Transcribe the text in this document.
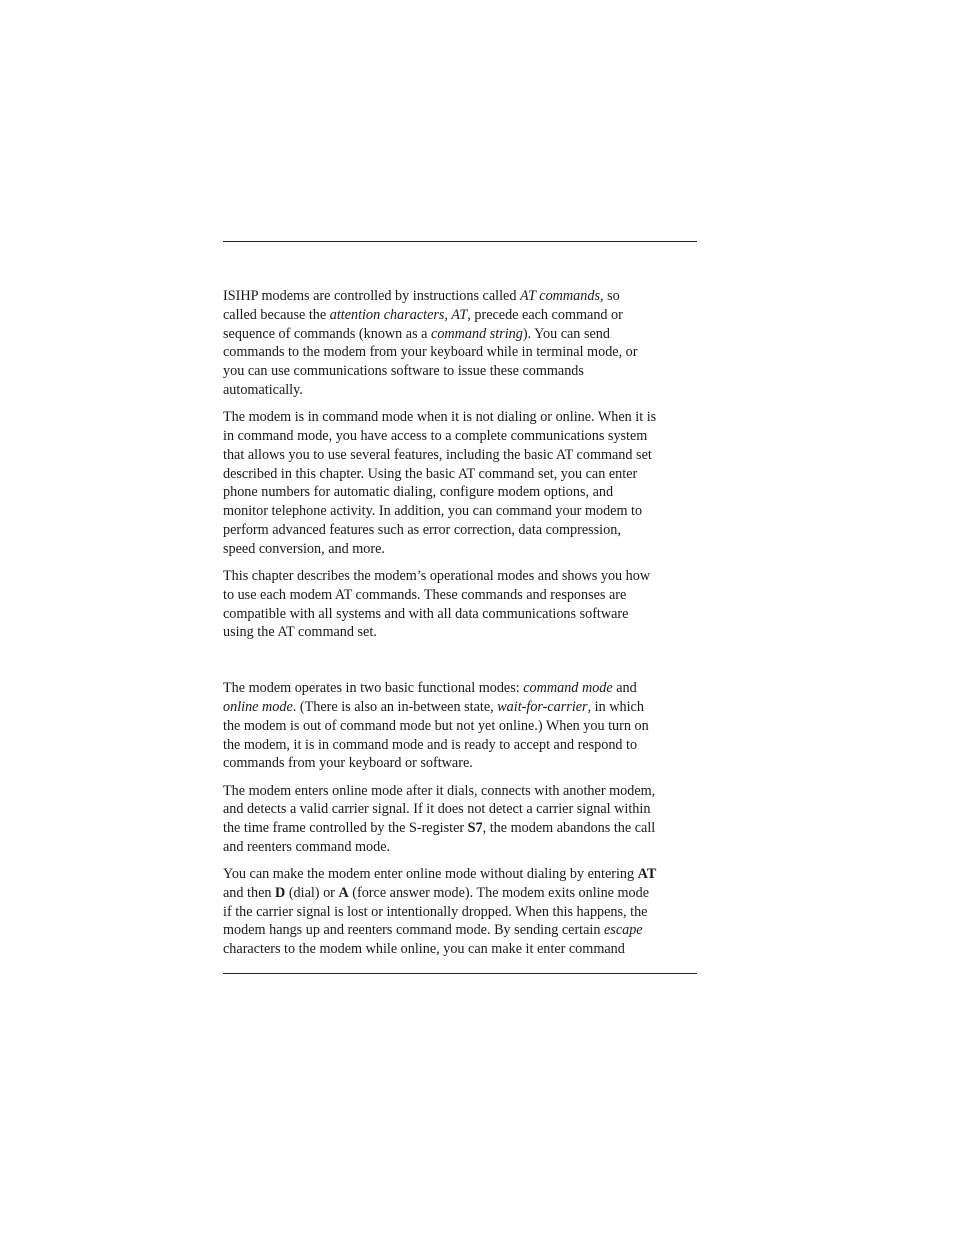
ISIHP modems are controlled by instructions called AT commands, so
called because the attention characters, AT, precede each command or
sequence of commands (known as a command string). You can send
commands to the modem from your keyboard while in terminal mode, or
you can use communications software to issue these commands
automatically.

The modem is in command mode when it is not dialing or online. When it is
in command mode, you have access to a complete communications system
that allows you to use several features, including the basic AT command set
described in this chapter. Using the basic AT command set, you can enter
phone numbers for automatic dialing, configure modem options, and
monitor telephone activity. In addition, you can command your modem to
perform advanced features such as error correction, data compression,
speed conversion, and more.

This chapter describes the modem’s operational modes and shows you how
to use each modem AT commands. These commands and responses are
compatible with all systems and with all data communications software
using the AT command set.

The modem operates in two basic functional modes: command mode and
online mode. (There is also an in-between state, wait-for-carrier, in which
the modem is out of command mode but not yet online.) When you turn on
the modem, it is in command mode and is ready to accept and respond to
commands from your keyboard or software.

The modem enters online mode after it dials, connects with another modem,
and detects a valid carrier signal. If it does not detect a carrier signal within
the time frame controlled by the S-register S7, the modem abandons the call
and reenters command mode.

You can make the modem enter online mode without dialing by entering AT
and then D (dial) or A (force answer mode). The modem exits online mode
if the carrier signal is lost or intentionally dropped. When this happens, the
modem hangs up and reenters command mode. By sending certain escape
characters to the modem while online, you can make it enter command
